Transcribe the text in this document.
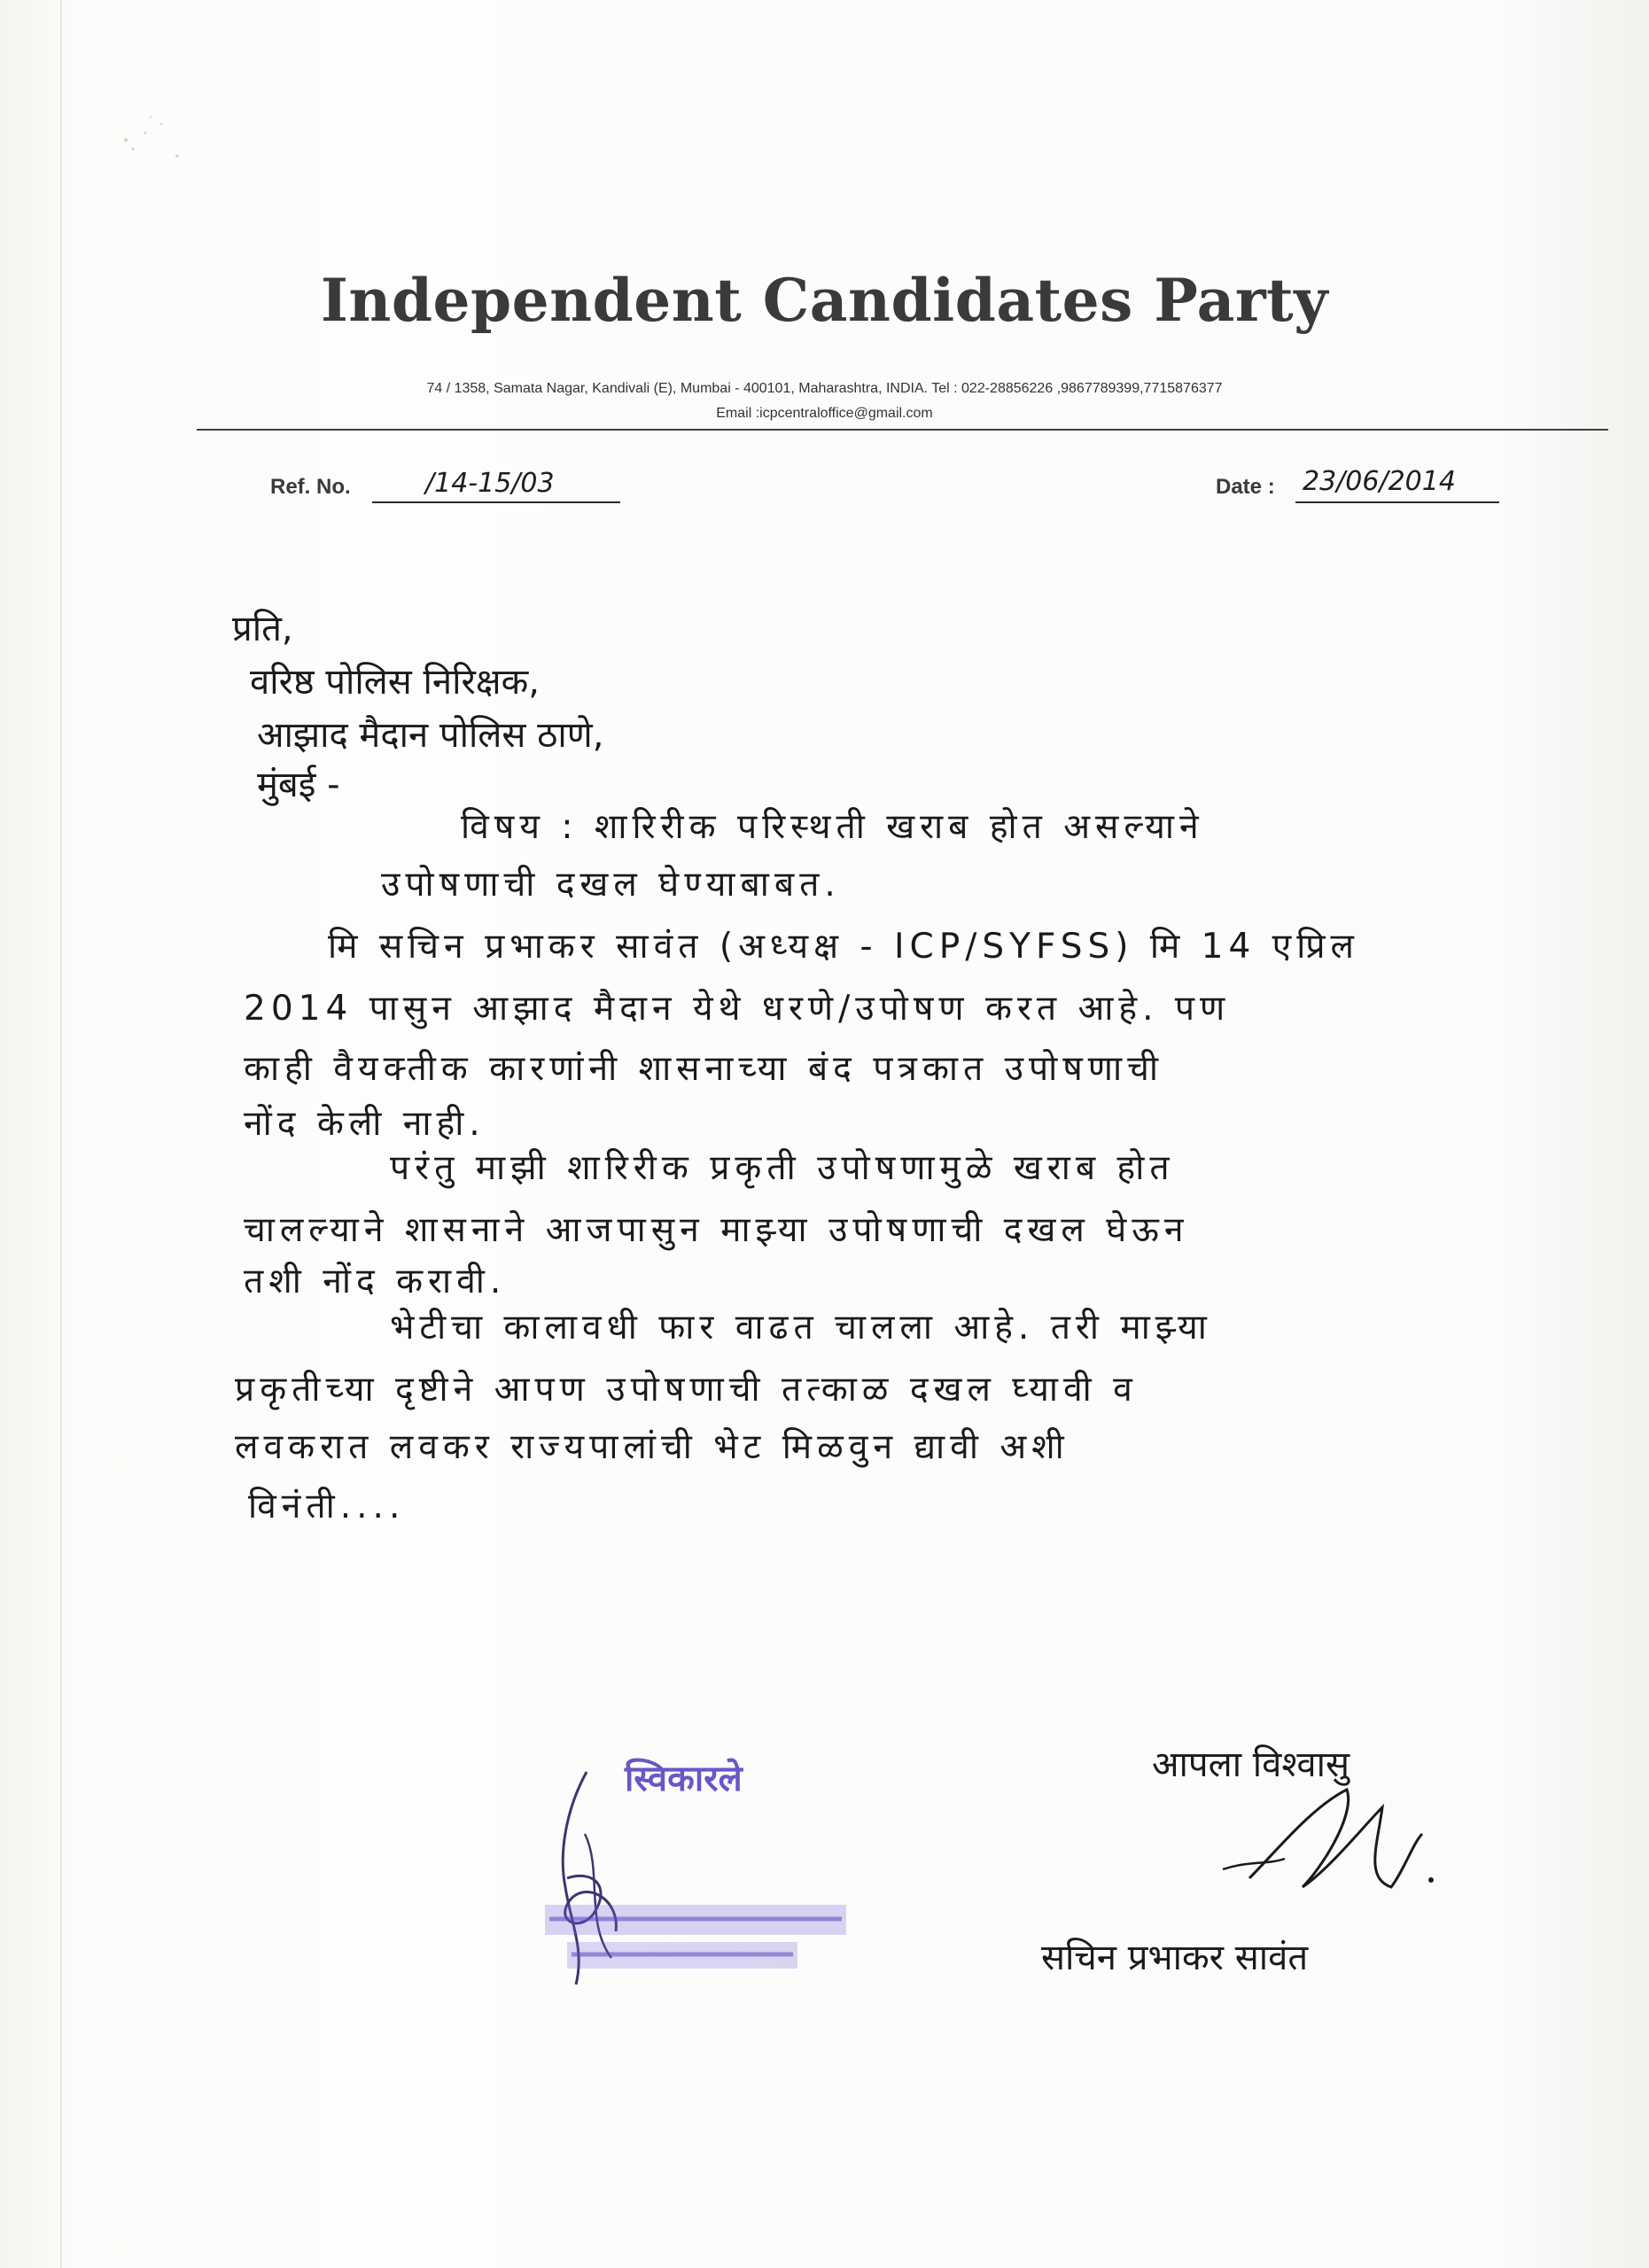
Independent Candidates Party
74 / 1358, Samata Nagar, Kandivali (E), Mumbai - 400101, Maharashtra, INDIA. Tel : 022-28856226 ,9867789399,7715876377
Email :icpcentraloffice@gmail.com
Ref. No.	/14-15/03	Date : 23/06/2014
प्रति,
वरिष्ठ पोलिस निरिक्षक,
आझाद मैदान पोलिस ठाणे,
मुंबई -
विषय : शारिरीक परिस्थती खराब होत असल्याने
उपोषणाची दखल घेण्याबाबत.
मि सचिन प्रभाकर सावंत (अध्यक्ष - ICP/SYFSS) मि 14 एप्रिल
2014 पासुन आझाद मैदान येथे धरणे/उपोषण करत आहे. पण
काही वैयक्तीक कारणांनी शासनाच्या बंद पत्रकात उपोषणाची
नोंद केली नाही.
परंतु माझी शारिरीक प्रकृती उपोषणामुळे खराब होत
चालल्याने शासनाने आजपासुन माझ्या उपोषणाची दखल घेऊन
तशी नोंद करावी.
भेटीचा कालावधी फार वाढत चालला आहे. तरी माझ्या
प्रकृतीच्या दृष्टीने आपण उपोषणाची तत्काळ दखल घ्यावी व
लवकरात लवकर राज्यपालांची भेट मिळवुन द्यावी अशी
विनंती....
स्विकारले	आपला विश्वासु
सचिन प्रभाकर सावंत
